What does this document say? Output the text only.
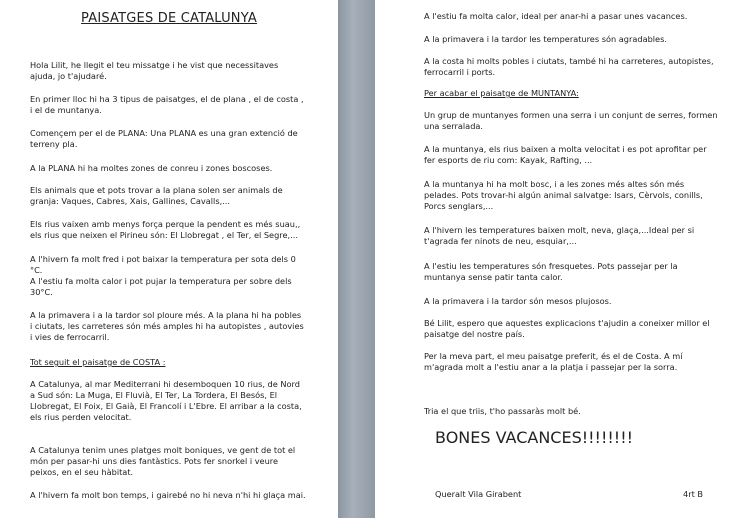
PAISATGES DE CATALUNYA

Hola Lilit, he llegit el teu missatge i he vist que necessitaves ajuda, jo t'ajudaré.

En primer lloc hi ha 3 tipus de paisatges, el de plana , el de costa , i el de muntanya.

Començem per el de PLANA: Una PLANA es una gran extenció de terreny pla.

A la PLANA hi ha moltes zones de conreu i zones boscoses.

Els animals que et pots trovar a la plana solen ser animals de granja: Vaques, Cabres, Xais, Gallines, Cavalls,...

Els rius vaixen amb menys força perque la pendent es més suau,, els rius que neixen el Pirineu són: El Llobregat , el Ter, el Segre,...

A l'hivern fa molt fred i pot baixar la temperatura per sota dels 0 °C.

A l'estiu fa molta calor i pot pujar la temperatura per sobre dels 30°C.

A la primavera i a la tardor sol ploure més. A la plana hi ha pobles i ciutats, les carreteres són més amples hi ha autopistes , autovies i vies de ferrocarril.

Tot seguit el paisatge de COSTA :

A Catalunya, al mar Mediterrani hi desemboquen 10 rius, de Nord a Sud són: La Muga, El Fluvià, El Ter, La Tordera, El Besós, El Llobregat, El Foix, El Gaià, El Francolí i L'Ebre. El arribar a la costa, els rius perden velocitat.

A Catalunya tenim unes platges molt boniques, ve gent de tot el món per pasar-hi uns dies fantàstics. Pots fer snorkel i veure peixos, en el seu hàbitat.

A l'hivern fa molt bon temps, i gairebé no hi neva n'hi hi glaça mai.

A l'estiu fa molta calor, ideal per anar-hi a pasar unes vacances.

A la primavera i la tardor les temperatures són agradables.

A la costa hi molts pobles i ciutats, també hi ha carreteres, autopistes, ferrocarril i ports.

Per acabar el paisatge de MUNTANYA:

Un grup de muntanyes formen una serra i un conjunt de serres, formen una serralada.

A la muntanya, els rius baixen a molta velocitat i es pot aprofitar per fer esports de riu com: Kayak, Rafting, ...

A la muntanya hi ha molt bosc, i a les zones més altes són més pelades. Pots trovar-hi algún animal salvatge: Isars, Cèrvols, conills, Porcs senglars,...

A l'hivern les temperatures baixen molt, neva, glaça,...Ideal per si t'agrada fer ninots de neu, esquiar,...

A l'estiu les temperatures són fresquetes. Pots passejar per la muntanya sense patir tanta calor.

A la primavera i la tardor són mesos plujosos.

Bé Lilit, espero que aquestes explicacions t'ajudin a coneixer millor el paisatge del nostre país.

Per la meva part, el meu paisatge preferit, és el de Costa. A mí m'agrada molt a l'estiu anar a la platja i passejar per la sorra.

Tria el que triis, t'ho passaràs molt bé.

BONES VACANCES!!!!!!!!
Queralt Vila Girabent	4rt B
